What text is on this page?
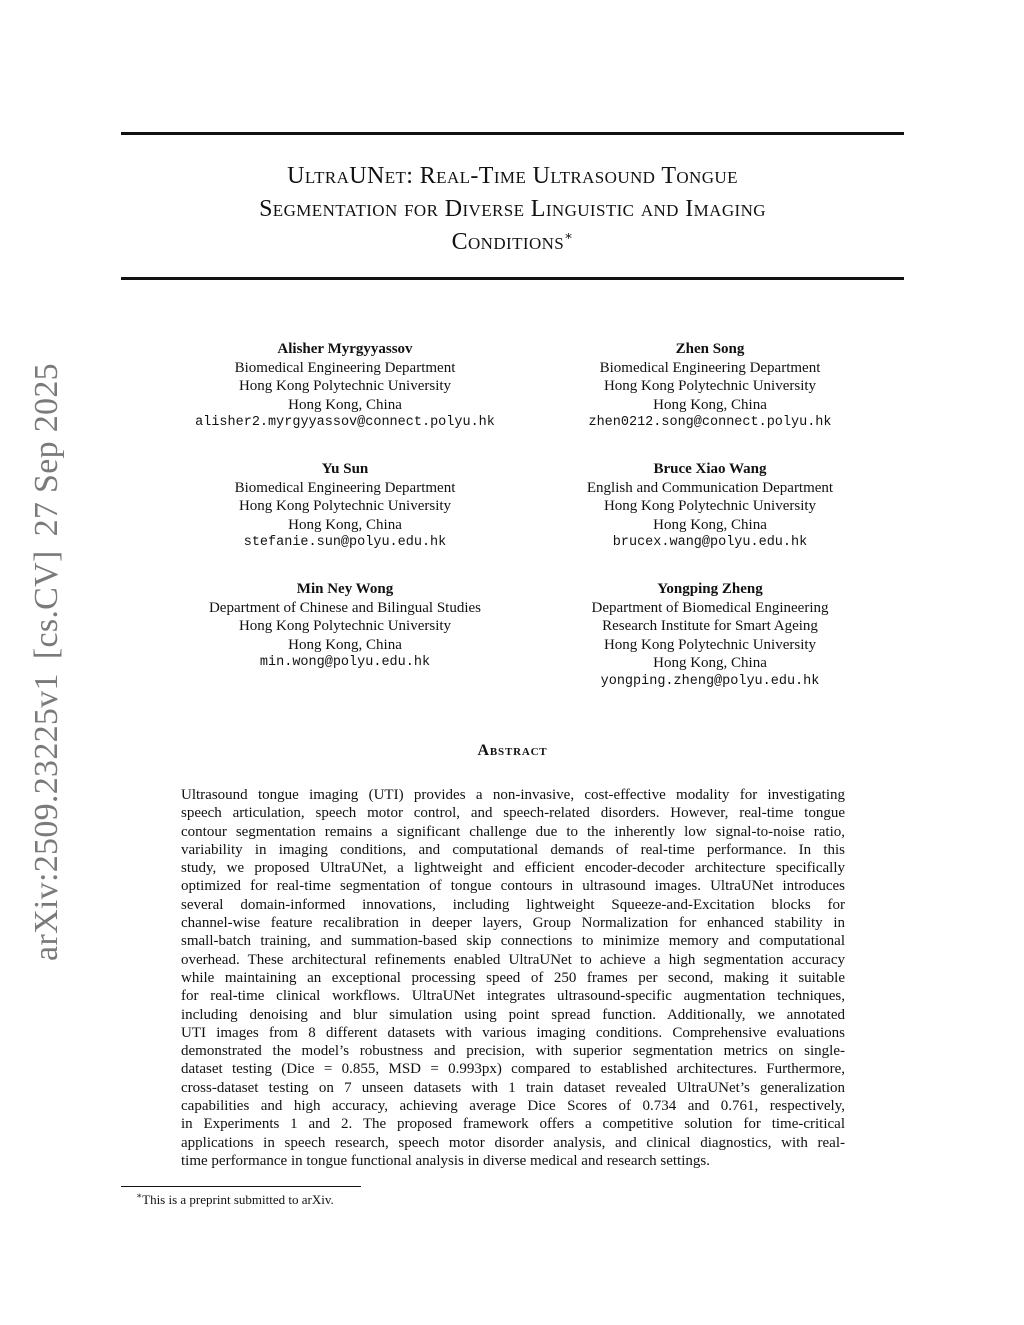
UltraUNet: Real-Time Ultrasound Tongue
Segmentation for Diverse Linguistic and Imaging
Conditions∗
arXiv:2509.23225v1[cs.CV]27 Sep 2025
Alisher Myrgyyassov
Biomedical Engineering Department
Hong Kong Polytechnic University
Hong Kong, China
alisher2.myrgyyassov@connect.polyu.hk
Zhen Song
Biomedical Engineering Department
Hong Kong Polytechnic University
Hong Kong, China
zhen0212.song@connect.polyu.hk
Yu Sun
Biomedical Engineering Department
Hong Kong Polytechnic University
Hong Kong, China
stefanie.sun@polyu.edu.hk
Bruce Xiao Wang
English and Communication Department
Hong Kong Polytechnic University
Hong Kong, China
brucex.wang@polyu.edu.hk
Min Ney Wong
Department of Chinese and Bilingual Studies
Hong Kong Polytechnic University
Hong Kong, China
min.wong@polyu.edu.hk
Yongping Zheng
Department of Biomedical Engineering
Research Institute for Smart Ageing
Hong Kong Polytechnic University
Hong Kong, China
yongping.zheng@polyu.edu.hk
Abstract
Ultrasound tongue imaging (UTI) provides a non-invasive, cost-effective modality for investigating
speech articulation, speech motor control, and speech-related disorders. However, real-time tongue
contour segmentation remains a significant challenge due to the inherently low signal-to-noise ratio,
variability in imaging conditions, and computational demands of real-time performance. In this
study, we proposed UltraUNet, a lightweight and efficient encoder-decoder architecture specifically
optimized for real-time segmentation of tongue contours in ultrasound images. UltraUNet introduces
several domain-informed innovations, including lightweight Squeeze-and-Excitation blocks for
channel-wise feature recalibration in deeper layers, Group Normalization for enhanced stability in
small-batch training, and summation-based skip connections to minimize memory and computational
overhead. These architectural refinements enabled UltraUNet to achieve a high segmentation accuracy
while maintaining an exceptional processing speed of 250 frames per second, making it suitable
for real-time clinical workflows. UltraUNet integrates ultrasound-specific augmentation techniques,
including denoising and blur simulation using point spread function. Additionally, we annotated
UTI images from 8 different datasets with various imaging conditions. Comprehensive evaluations
demonstrated the model’s robustness and precision, with superior segmentation metrics on single-
dataset testing (Dice = 0.855, MSD = 0.993px) compared to established architectures. Furthermore,
cross-dataset testing on 7 unseen datasets with 1 train dataset revealed UltraUNet’s generalization
capabilities and high accuracy, achieving average Dice Scores of 0.734 and 0.761, respectively,
in Experiments 1 and 2. The proposed framework offers a competitive solution for time-critical
applications in speech research, speech motor disorder analysis, and clinical diagnostics, with real-
time performance in tongue functional analysis in diverse medical and research settings.
∗This is a preprint submitted to arXiv.
